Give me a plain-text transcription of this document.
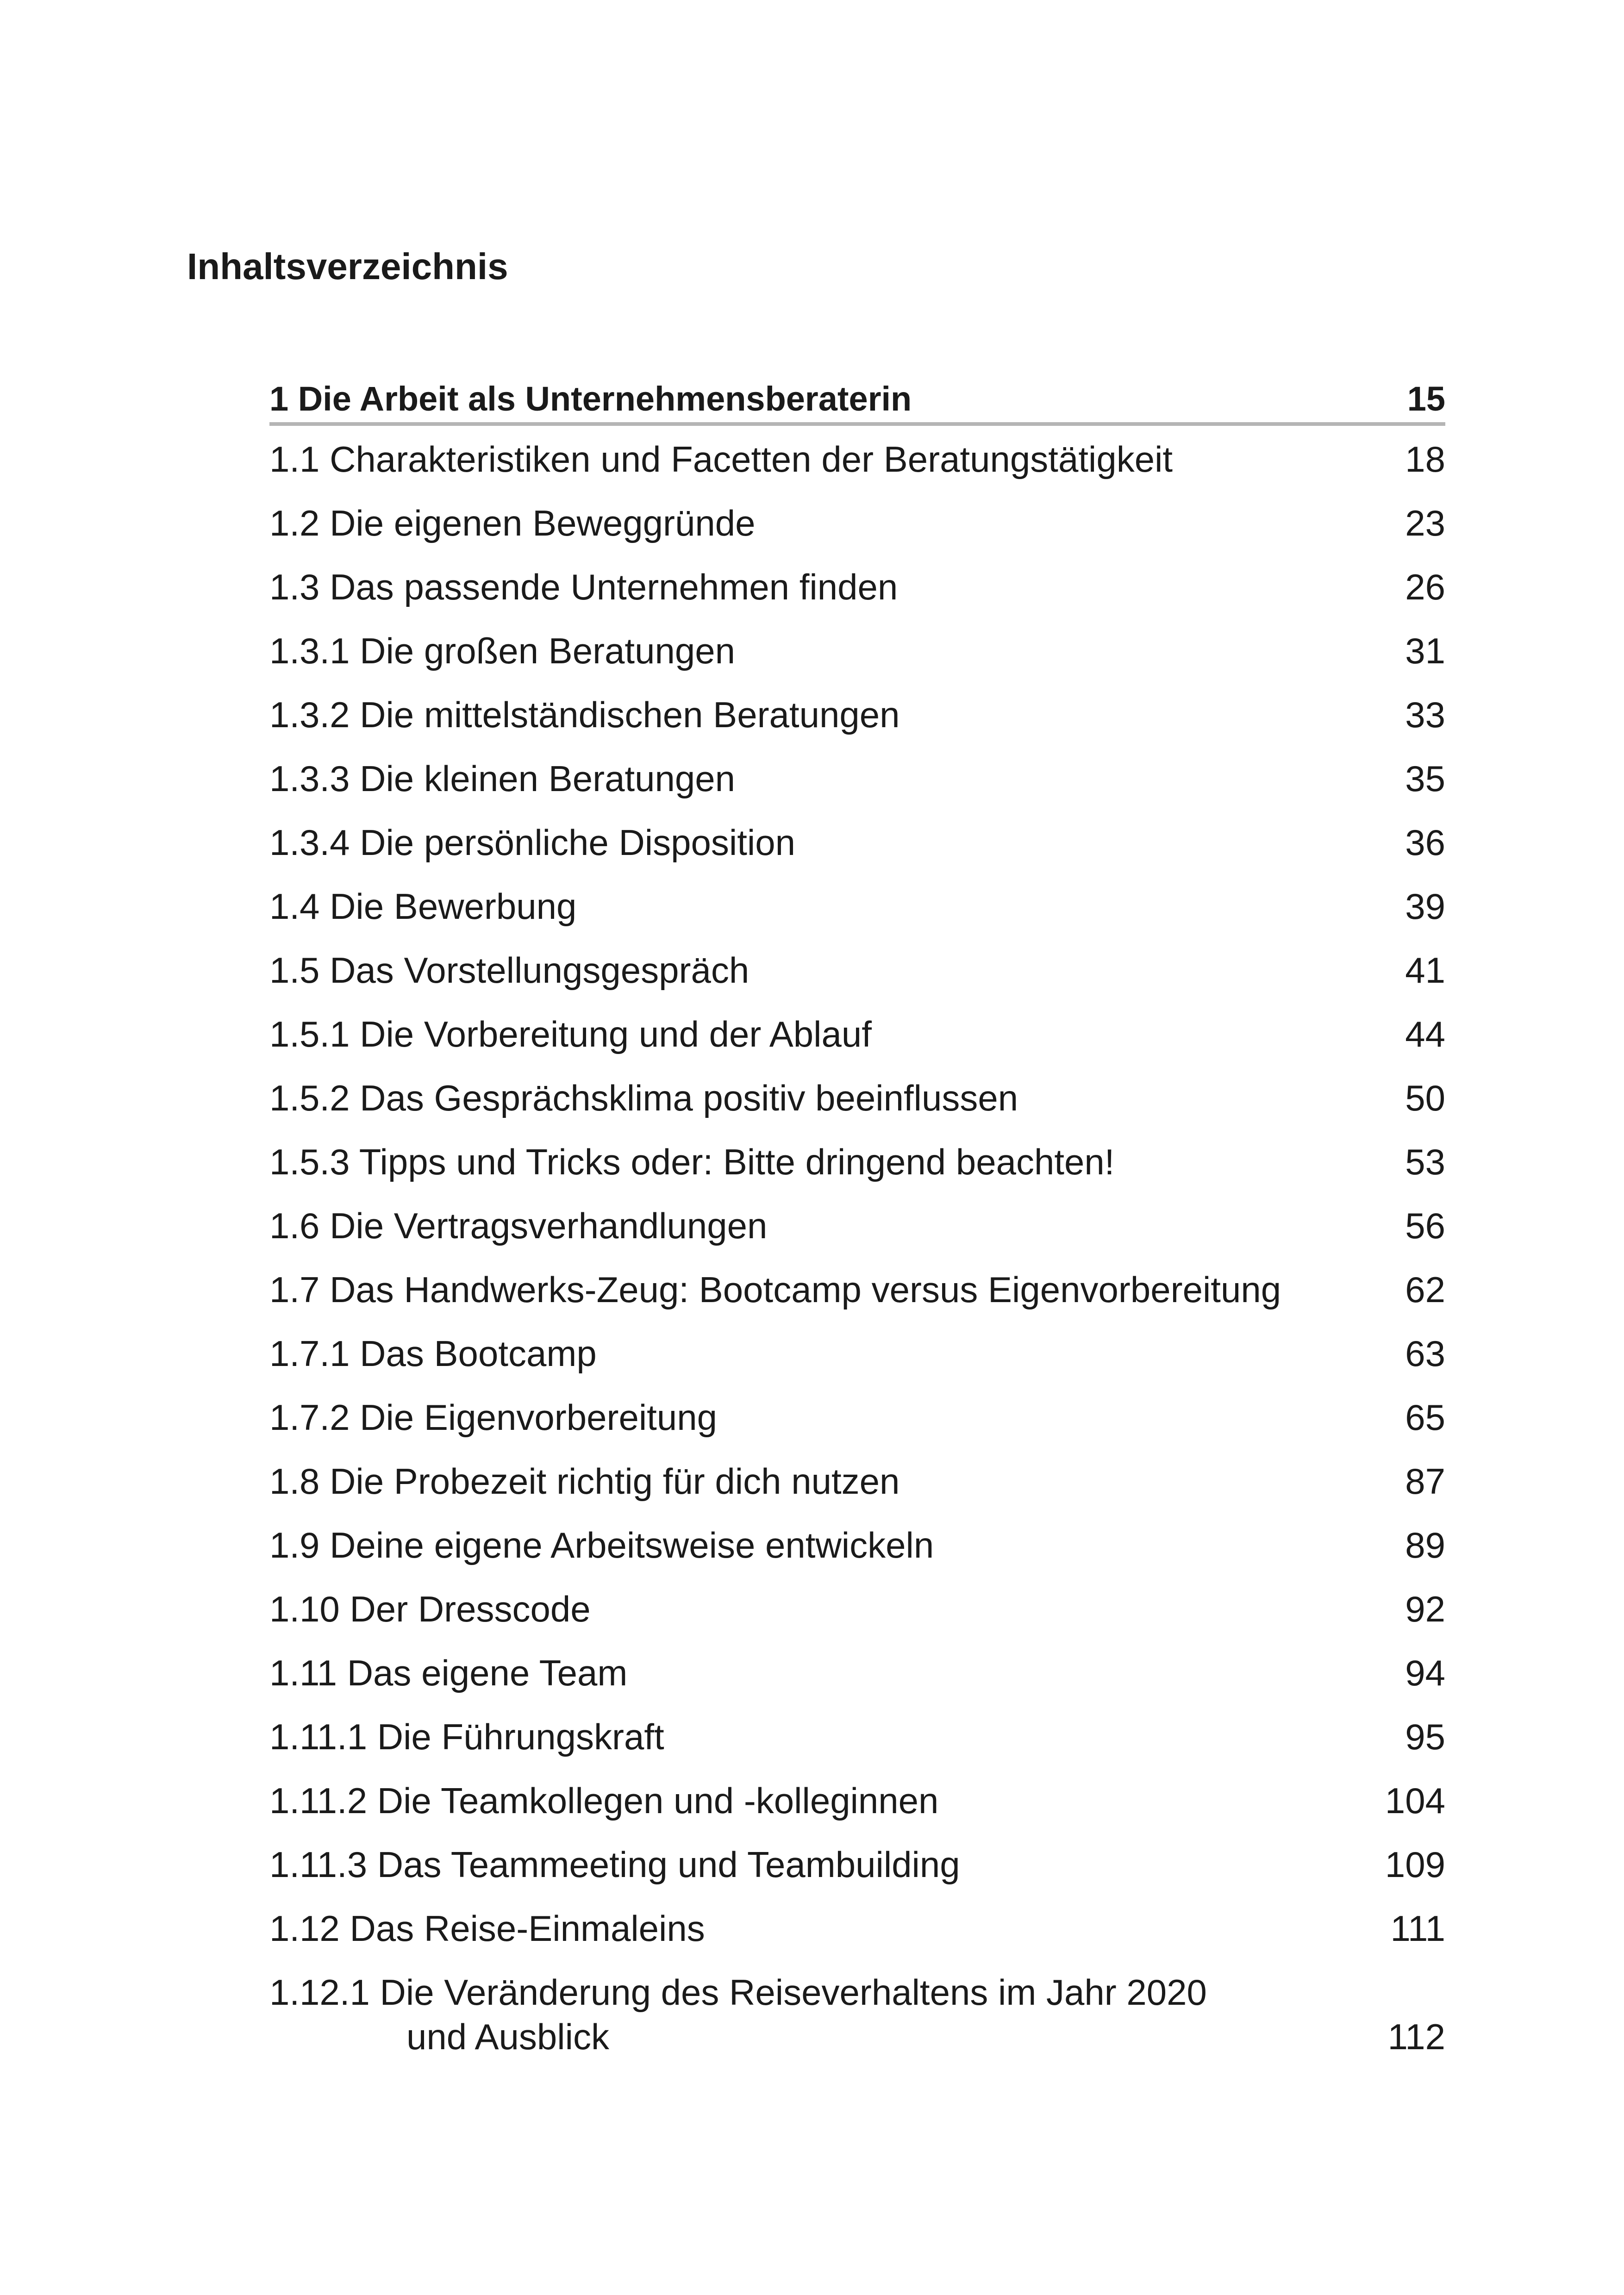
Inhaltsverzeichnis
1 Die Arbeit als Unternehmensberaterin	15
1.1 Charakteristiken und Facetten der Beratungstätigkeit	18
1.2 Die eigenen Beweggründe	23
1.3 Das passende Unternehmen finden	26
1.3.1 Die großen Beratungen	31
1.3.2 Die mittelständischen Beratungen	33
1.3.3 Die kleinen Beratungen	35
1.3.4 Die persönliche Disposition	36
1.4 Die Bewerbung	39
1.5 Das Vorstellungsgespräch	41
1.5.1 Die Vorbereitung und der Ablauf	44
1.5.2 Das Gesprächsklima positiv beeinflussen	50
1.5.3 Tipps und Tricks oder: Bitte dringend beachten!	53
1.6 Die Vertragsverhandlungen	56
1.7 Das Handwerks-Zeug: Bootcamp versus Eigenvorbereitung	62
1.7.1 Das Bootcamp	63
1.7.2 Die Eigenvorbereitung	65
1.8 Die Probezeit richtig für dich nutzen	87
1.9 Deine eigene Arbeitsweise entwickeln	89
1.10 Der Dresscode	92
1.11 Das eigene Team	94
1.11.1 Die Führungskraft	95
1.11.2 Die Teamkollegen und -kolleginnen	104
1.11.3 Das Teammeeting und Teambuilding	109
1.12 Das Reise-Einmaleins	111
1.12.1 Die Veränderung des Reiseverhaltens im Jahr 2020
und Ausblick	112
